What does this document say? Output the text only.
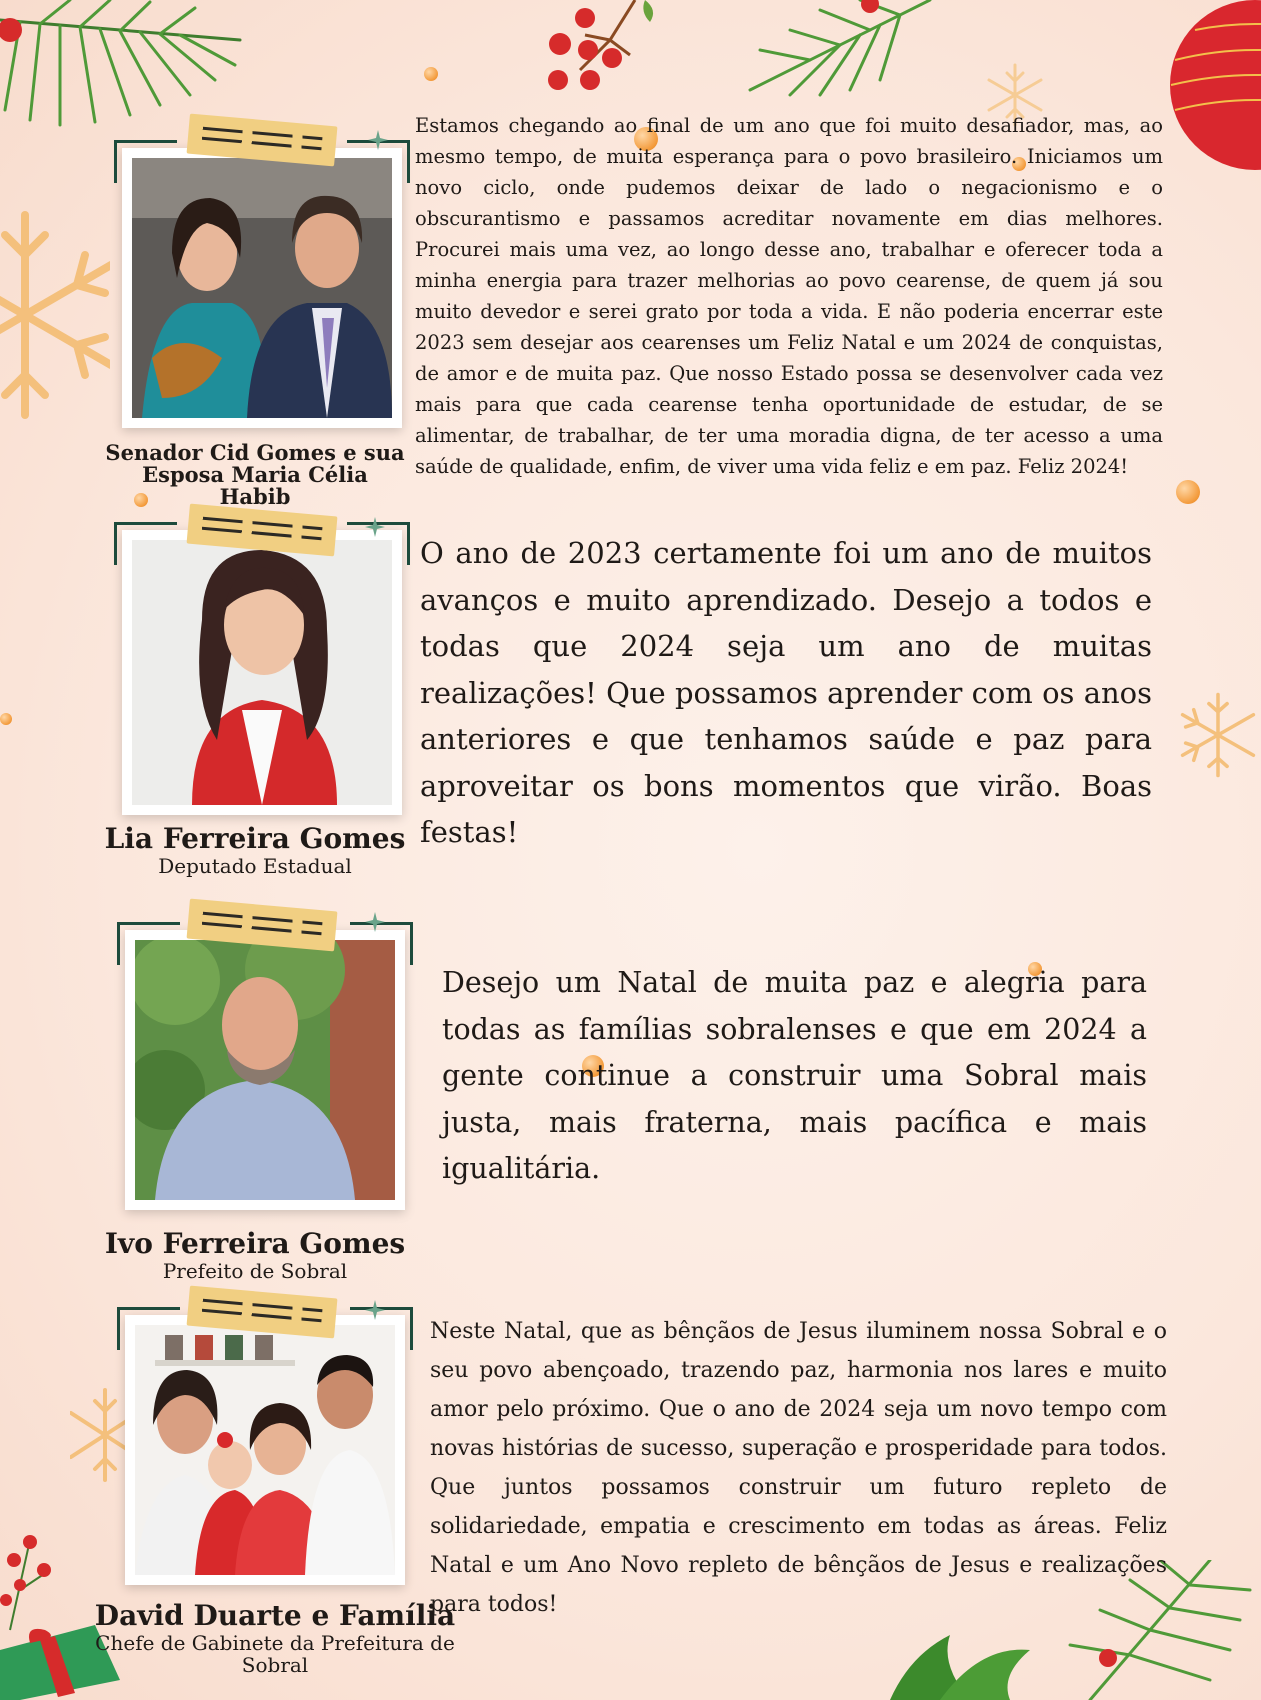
Senador Cid Gomes e sua
Esposa Maria Célia Habib

Estamos chegando ao final de um ano que foi muito desafiador, mas, ao mesmo tempo, de muita esperança para o povo brasileiro. Iniciamos um novo ciclo, onde pudemos deixar de lado o negacionismo e o obscurantismo e passamos acreditar novamente em dias melhores. Procurei mais uma vez, ao longo desse ano, trabalhar e oferecer toda a minha energia para trazer melhorias ao povo cearense, de quem já sou muito devedor e serei grato por toda a vida. E não poderia encerrar este 2023 sem desejar aos cearenses um Feliz Natal e um 2024 de conquistas, de amor e de muita paz. Que nosso Estado possa se desenvolver cada vez mais para que cada cearense tenha oportunidade de estudar, de se alimentar, de trabalhar, de ter uma moradia digna, de ter acesso a uma saúde de qualidade, enfim, de viver uma vida feliz e em paz. Feliz 2024!

Lia Ferreira Gomes
Deputado Estadual

O ano de 2023 certamente foi um ano de muitos avanços e muito aprendizado. Desejo a todos e todas que 2024 seja um ano de muitas realizações! Que possamos aprender com os anos anteriores e que tenhamos saúde e paz para aproveitar os bons momentos que virão. Boas festas!

Ivo Ferreira Gomes
Prefeito de Sobral

Desejo um Natal de muita paz e alegria para todas as famílias sobralenses e que em 2024 a gente continue a construir uma Sobral mais justa, mais fraterna, mais pacífica e mais igualitária.

David Duarte e Família
Chefe de Gabinete da Prefeitura de Sobral

Neste Natal, que as bênçãos de Jesus iluminem nossa Sobral e o seu povo abençoado, trazendo paz, harmonia nos lares e muito amor pelo próximo. Que o ano de 2024 seja um novo tempo com novas histórias de sucesso, superação e prosperidade para todos. Que juntos possamos construir um futuro repleto de solidariedade, empatia e crescimento em todas as áreas. Feliz Natal e um Ano Novo repleto de bênçãos de Jesus e realizações para todos!
